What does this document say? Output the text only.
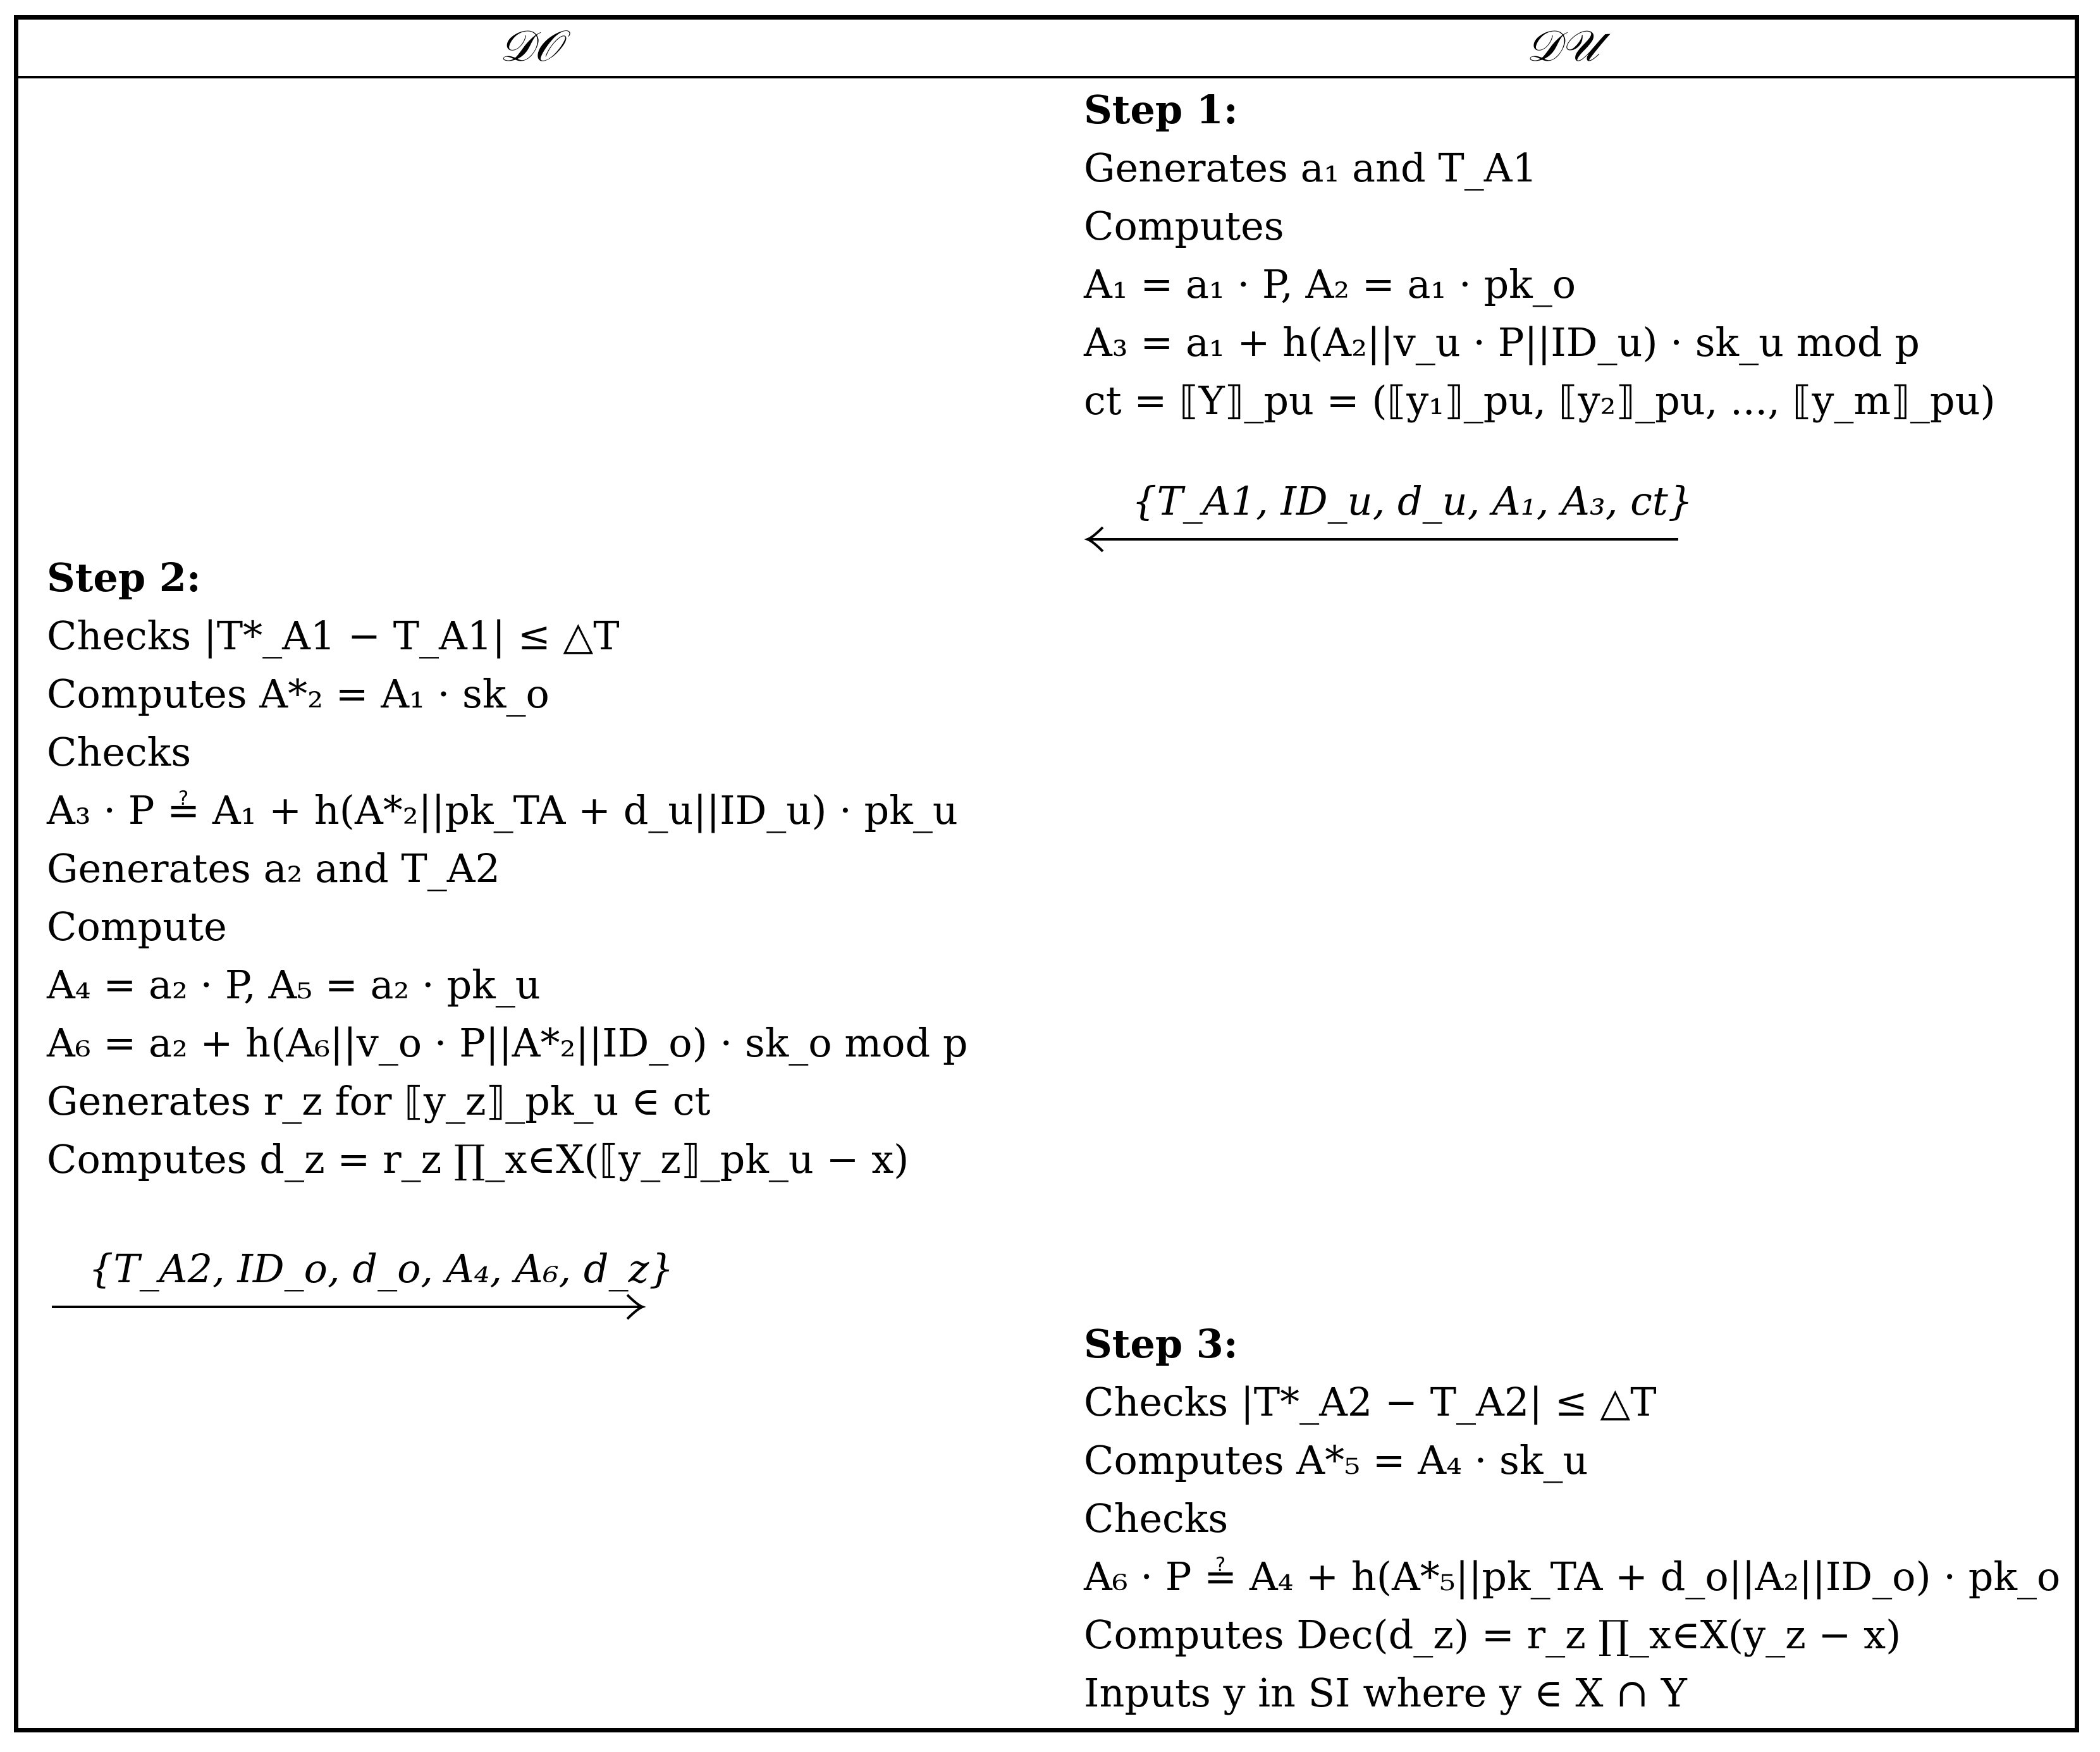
𝒟𝒪	𝒟𝒰
Step 1:
Generates a₁ and T_A1
Computes
A₁ = a₁ · P, A₂ = a₁ · pk_o
A₃ = a₁ + h(A₂||v_u · P||ID_u) · sk_u mod p
ct = ⟦Y⟧_pu = (⟦y₁⟧_pu, ⟦y₂⟧_pu, ..., ⟦y_m⟧_pu)
{T_A1, ID_u, d_u, A₁, A₃, ct}
Step 2:
Checks |T*_A1 − T_A1| ≤ △T
Computes A*₂ = A₁ · sk_o
Checks
A₃ · P ≟ A₁ + h(A*₂||pk_TA + d_u||ID_u) · pk_u
Generates a₂ and T_A2
Compute
A₄ = a₂ · P, A₅ = a₂ · pk_u
A₆ = a₂ + h(A₆||v_o · P||A*₂||ID_o) · sk_o mod p
Generates r_z for ⟦y_z⟧_pk_u ∈ ct
Computes d_z = r_z ∏_x∈X(⟦y_z⟧_pk_u − x)
{T_A2, ID_o, d_o, A₄, A₆, d_z}
Step 3:
Checks |T*_A2 − T_A2| ≤ △T
Computes A*₅ = A₄ · sk_u
Checks
A₆ · P ≟ A₄ + h(A*₅||pk_TA + d_o||A₂||ID_o) · pk_o
Computes Dec(d_z) = r_z ∏_x∈X(y_z − x)
Inputs y in SI where y ∈ X ∩ Y
